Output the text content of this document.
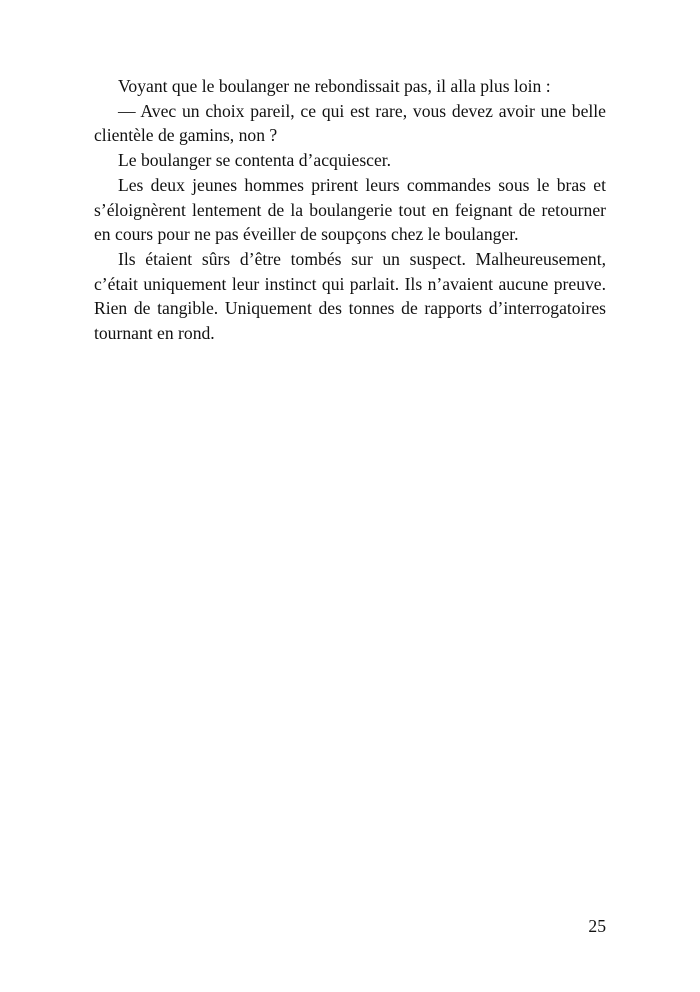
Voyant que le boulanger ne rebondissait pas, il alla plus loin :

— Avec un choix pareil, ce qui est rare, vous devez avoir une belle clientèle de gamins, non ?

Le boulanger se contenta d’acquiescer.

Les deux jeunes hommes prirent leurs commandes sous le bras et s’éloignèrent lentement de la boulangerie tout en feignant de retourner en cours pour ne pas éveiller de soupçons chez le boulanger.

Ils étaient sûrs d’être tombés sur un suspect. Malheureusement, c’était uniquement leur instinct qui parlait. Ils n’avaient aucune preuve. Rien de tangible. Uniquement des tonnes de rapports d’interrogatoires tournant en rond.

25
